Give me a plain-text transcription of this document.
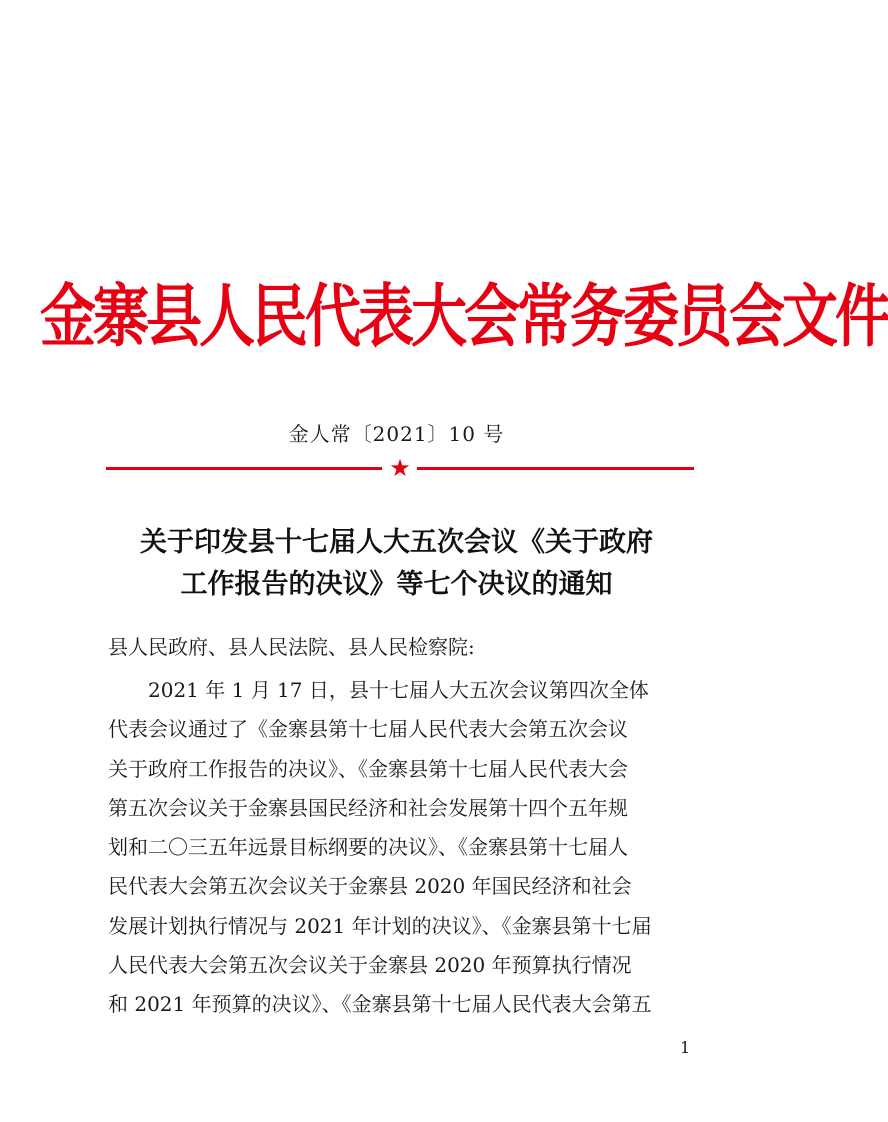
金寨县人民代表大会常务委员会文件
金人常〔2021〕10 号
★
关于印发县十七届人大五次会议《关于政府
工作报告的决议》等七个决议的通知
县人民政府、县人民法院、县人民检察院:
　　2021 年 1 月 17 日，县十七届人大五次会议第四次全体
代表会议通过了《金寨县第十七届人民代表大会第五次会议
关于政府工作报告的决议》、《金寨县第十七届人民代表大会
第五次会议关于金寨县国民经济和社会发展第十四个五年规
划和二〇三五年远景目标纲要的决议》、《金寨县第十七届人
民代表大会第五次会议关于金寨县 2020 年国民经济和社会
发展计划执行情况与 2021 年计划的决议》、《金寨县第十七届
人民代表大会第五次会议关于金寨县 2020 年预算执行情况
和 2021 年预算的决议》、《金寨县第十七届人民代表大会第五
1
